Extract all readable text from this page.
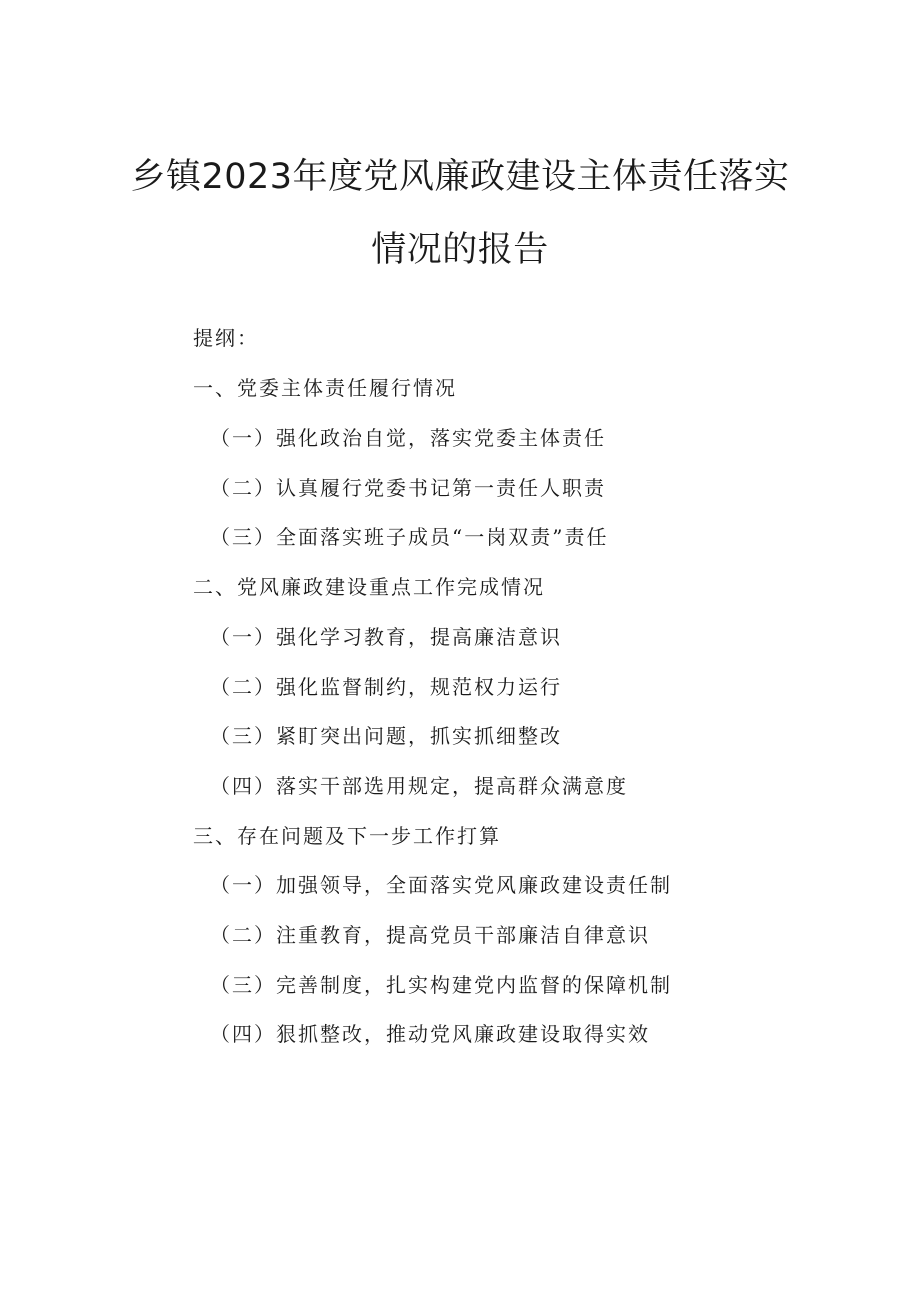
乡镇2023年度党风廉政建设主体责任落实
情况的报告
提纲：
一、党委主体责任履行情况
（一）强化政治自觉，落实党委主体责任
（二）认真履行党委书记第一责任人职责
（三）全面落实班子成员“一岗双责”责任
二、党风廉政建设重点工作完成情况
（一）强化学习教育，提高廉洁意识
（二）强化监督制约，规范权力运行
（三）紧盯突出问题，抓实抓细整改
（四）落实干部选用规定，提高群众满意度
三、存在问题及下一步工作打算
（一）加强领导，全面落实党风廉政建设责任制
（二）注重教育，提高党员干部廉洁自律意识
（三）完善制度，扎实构建党内监督的保障机制
（四）狠抓整改，推动党风廉政建设取得实效
